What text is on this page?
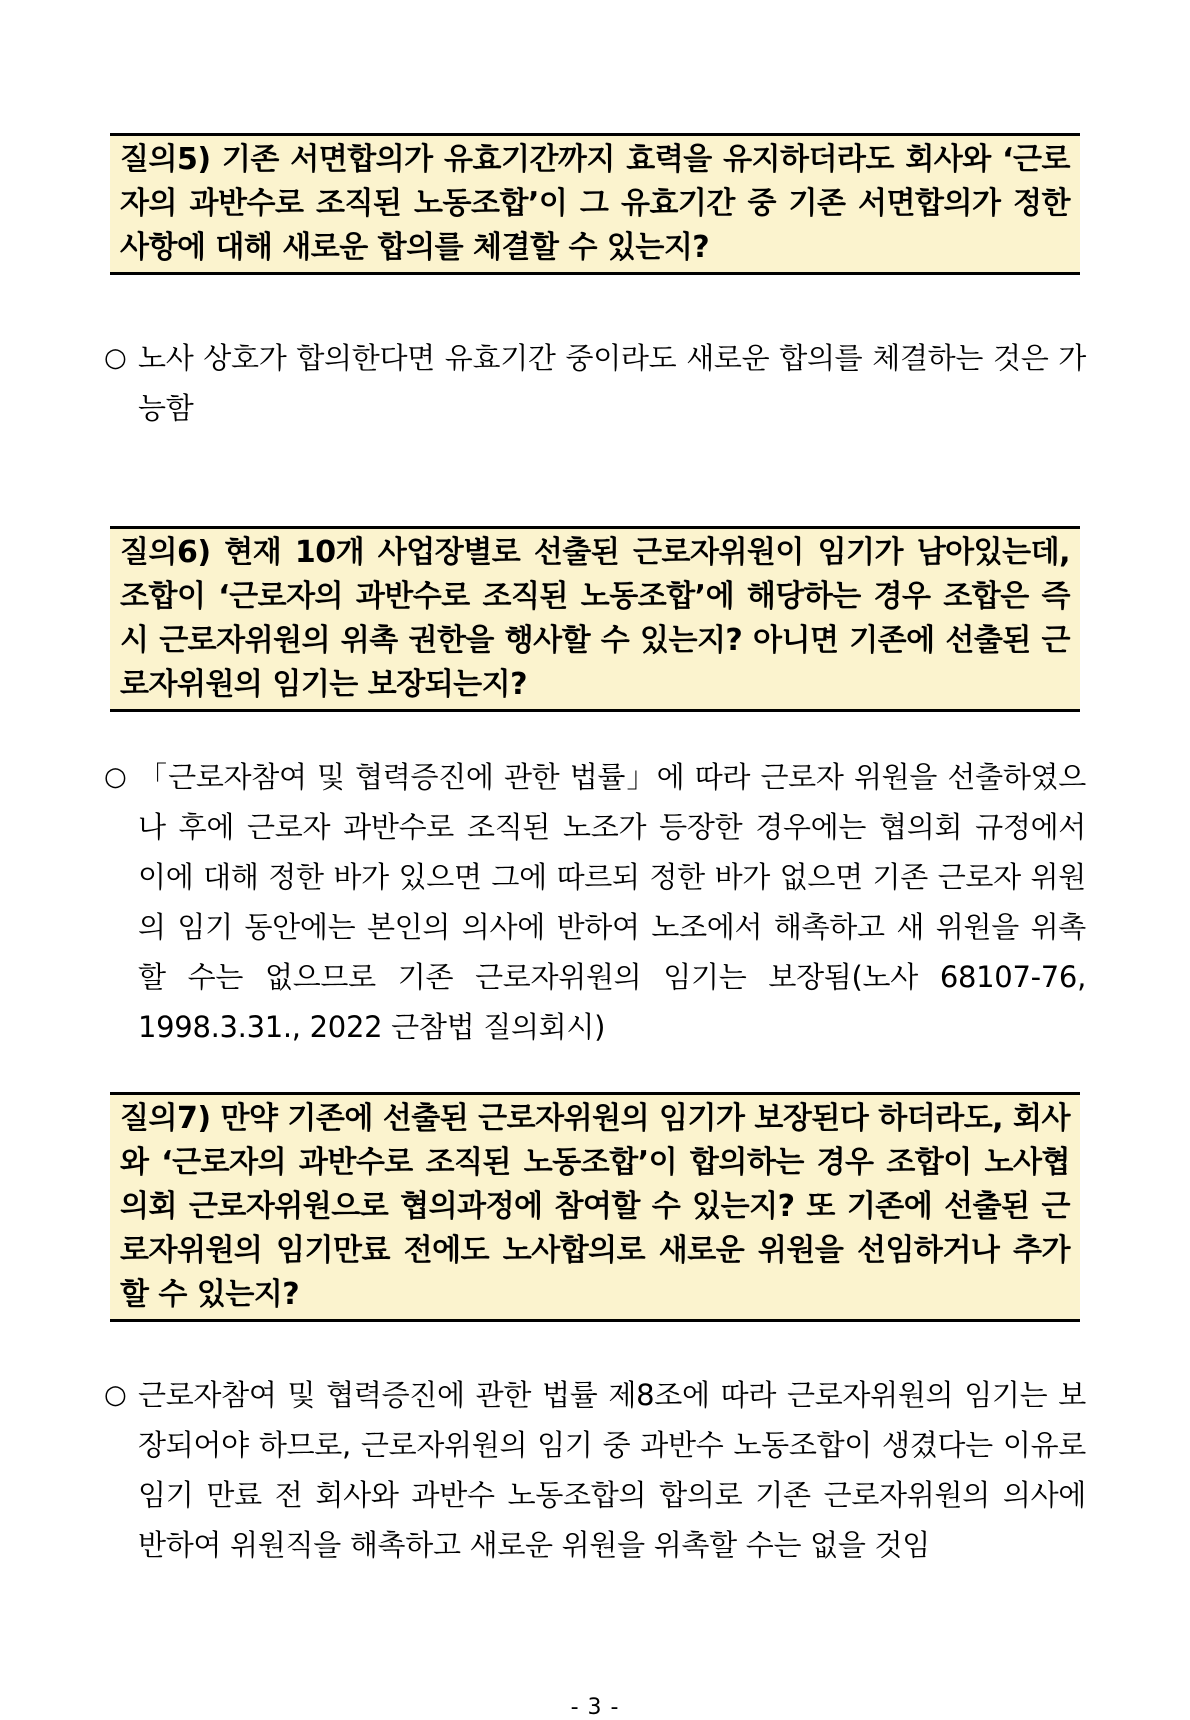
질의5) 기존 서면합의가 유효기간까지 효력을 유지하더라도 회사와 ‘근로자의 과반수로 조직된 노동조합’이 그 유효기간 중 기존 서면합의가 정한 사항에 대해 새로운 합의를 체결할 수 있는지?
○ 노사 상호가 합의한다면 유효기간 중이라도 새로운 합의를 체결하는 것은 가능함
질의6) 현재 10개 사업장별로 선출된 근로자위원이 임기가 남아있는데, 조합이 ‘근로자의 과반수로 조직된 노동조합’에 해당하는 경우 조합은 즉시 근로자위원의 위촉 권한을 행사할 수 있는지? 아니면 기존에 선출된 근로자위원의 임기는 보장되는지?
○ 「근로자참여 및 협력증진에 관한 법률」에 따라 근로자 위원을 선출하였으나 후에 근로자 과반수로 조직된 노조가 등장한 경우에는 협의회 규정에서 이에 대해 정한 바가 있으면 그에 따르되 정한 바가 없으면 기존 근로자 위원의 임기 동안에는 본인의 의사에 반하여 노조에서 해촉하고 새 위원을 위촉할 수는 없으므로 기존 근로자위원의 임기는 보장됨(노사 68107-76, 1998.3.31., 2022 근참법 질의회시)
질의7) 만약 기존에 선출된 근로자위원의 임기가 보장된다 하더라도, 회사와 ‘근로자의 과반수로 조직된 노동조합’이 합의하는 경우 조합이 노사협의회 근로자위원으로 협의과정에 참여할 수 있는지? 또 기존에 선출된 근로자위원의 임기만료 전에도 노사합의로 새로운 위원을 선임하거나 추가할 수 있는지?
○ 근로자참여 및 협력증진에 관한 법률 제8조에 따라 근로자위원의 임기는 보장되어야 하므로, 근로자위원의 임기 중 과반수 노동조합이 생겼다는 이유로 임기 만료 전 회사와 과반수 노동조합의 합의로 기존 근로자위원의 의사에 반하여 위원직을 해촉하고 새로운 위원을 위촉할 수는 없을 것임
- 3 -
